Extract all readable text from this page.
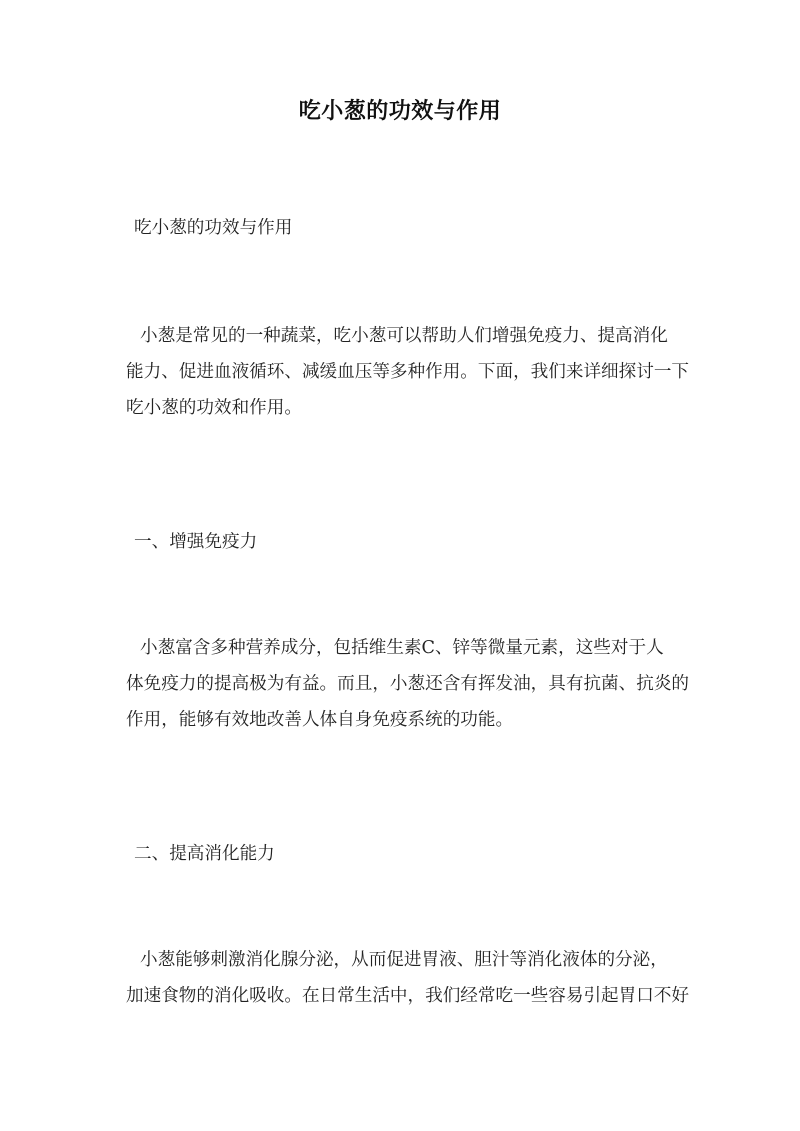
吃小葱的功效与作用
吃小葱的功效与作用
小葱是常见的一种蔬菜，吃小葱可以帮助人们增强免疫力、提高消化
能力、促进血液循环、减缓血压等多种作用。下面，我们来详细探讨一下
吃小葱的功效和作用。
一、增强免疫力
小葱富含多种营养成分，包括维生素C、锌等微量元素，这些对于人
体免疫力的提高极为有益。而且，小葱还含有挥发油，具有抗菌、抗炎的
作用，能够有效地改善人体自身免疫系统的功能。
二、提高消化能力
小葱能够刺激消化腺分泌，从而促进胃液、胆汁等消化液体的分泌，
加速食物的消化吸收。在日常生活中，我们经常吃一些容易引起胃口不好
